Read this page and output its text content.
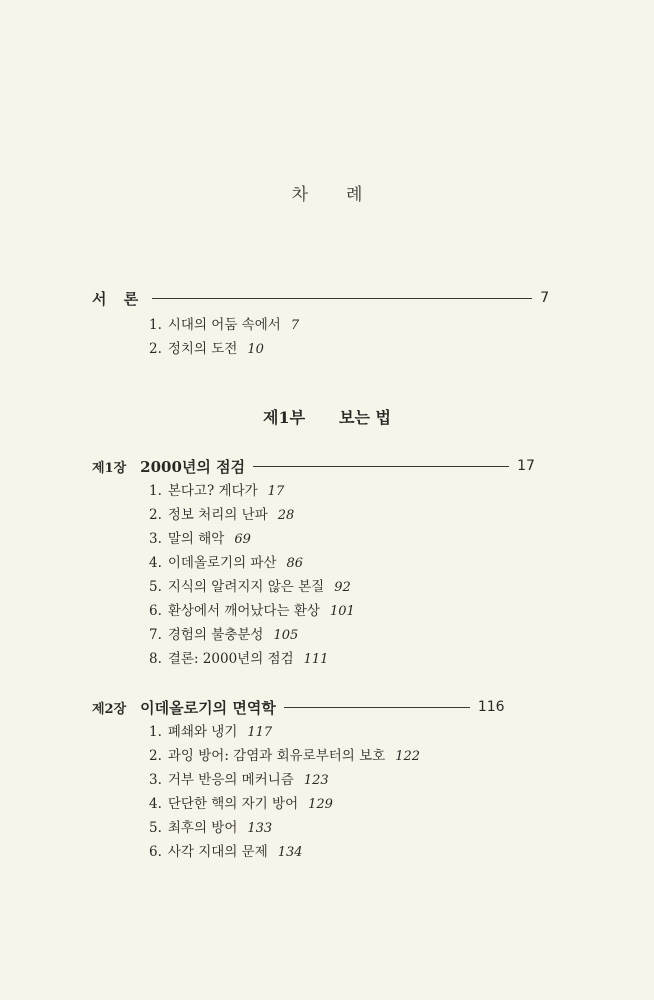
차례
서 론	7
1. 시대의 어둠 속에서 7
2. 정치의 도전 10
제1부 보는 법
제1장 2000년의 점검	17
1. 본다고? 게다가 17
2. 정보 처리의 난파 28
3. 말의 해악 69
4. 이데올로기의 파산 86
5. 지식의 알려지지 않은 본질 92
6. 환상에서 깨어났다는 환상 101
7. 경험의 불충분성 105
8. 결론: 2000년의 점검 111
제2장 이데올로기의 면역학	116
1. 폐쇄와 냉기 117
2. 과잉 방어: 감염과 회유로부터의 보호 122
3. 거부 반응의 메커니즘 123
4. 단단한 핵의 자기 방어 129
5. 최후의 방어 133
6. 사각 지대의 문제 134
